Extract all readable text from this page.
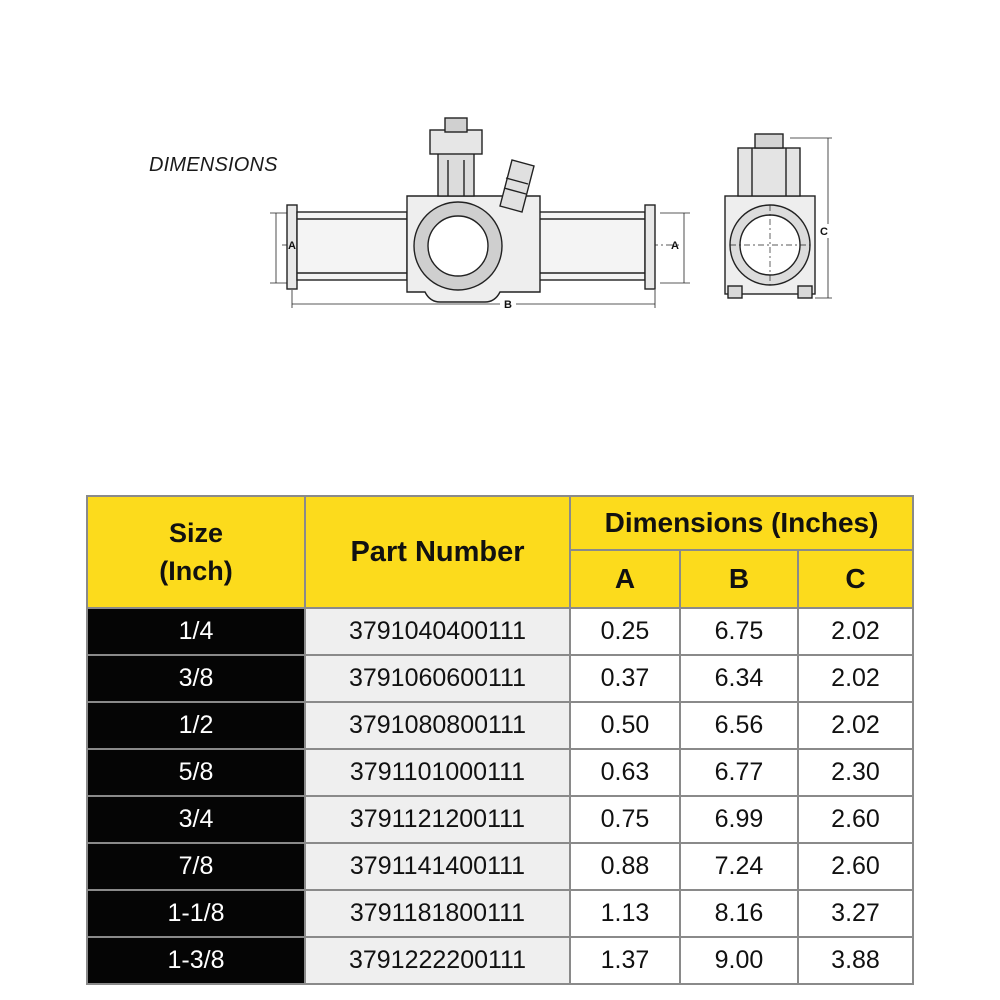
DIMENSIONS
A	A
B
C
Size
(Inch)	Part Number	Dimensions (Inches)		
		A	B	C
1/4	3791040400111	0.25	6.75	2.02
3/8	3791060600111	0.37	6.34	2.02
1/2	3791080800111	0.50	6.56	2.02
5/8	3791101000111	0.63	6.77	2.30
3/4	3791121200111	0.75	6.99	2.60
7/8	3791141400111	0.88	7.24	2.60
1-1/8	3791181800111	1.13	8.16	3.27
1-3/8	3791222200111	1.37	9.00	3.88
